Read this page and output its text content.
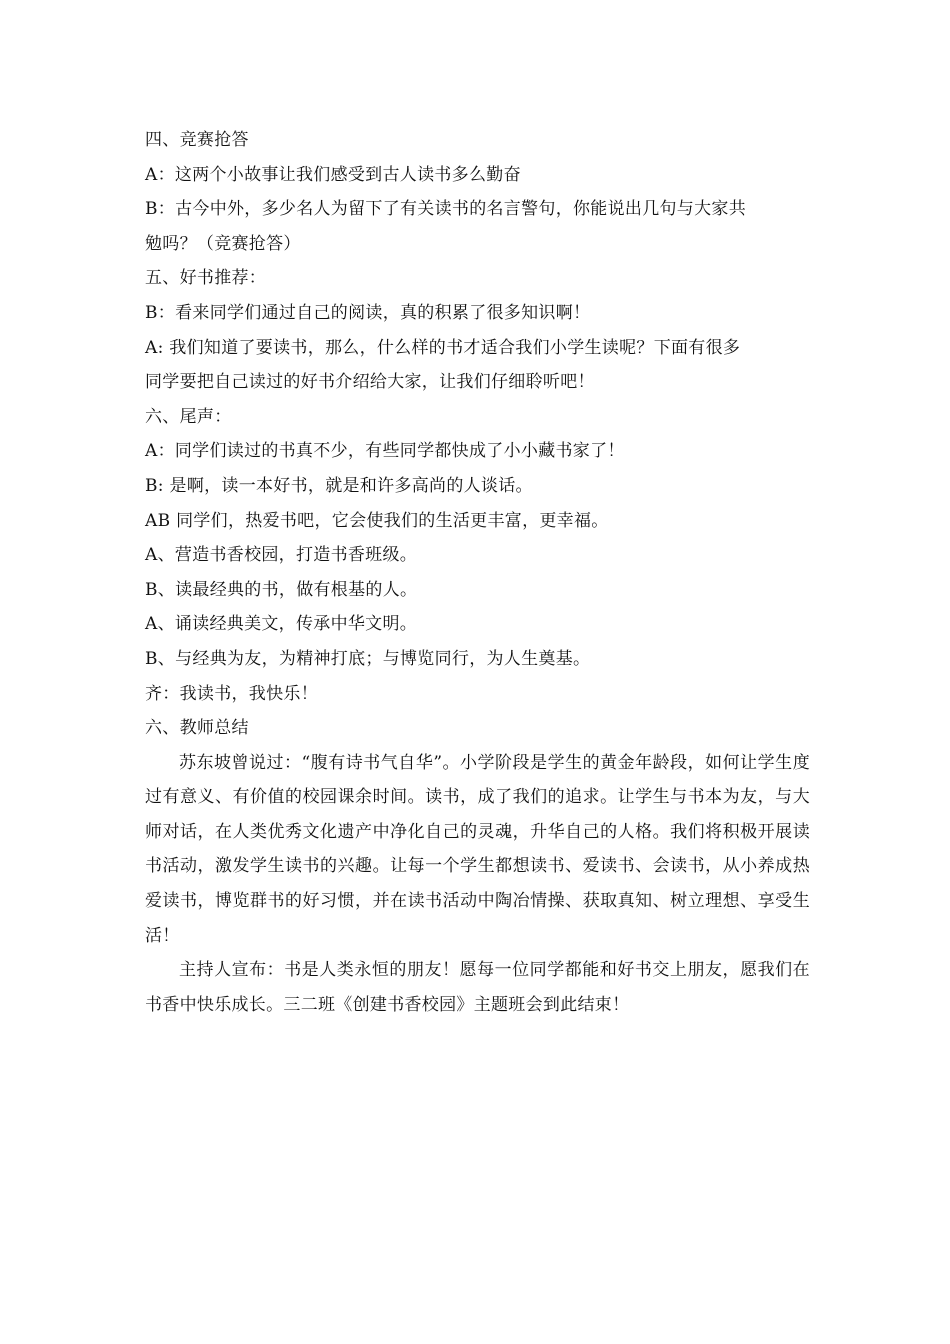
四、竞赛抢答
A：这两个小故事让我们感受到古人读书多么勤奋
B：古今中外，多少名人为留下了有关读书的名言警句，你能说出几句与大家共
勉吗？（竞赛抢答）
五、好书推荐：
B：看来同学们通过自己的阅读，真的积累了很多知识啊！
A: 我们知道了要读书，那么，什么样的书才适合我们小学生读呢？下面有很多
同学要把自己读过的好书介绍给大家，让我们仔细聆听吧！
六、尾声：
A：同学们读过的书真不少，有些同学都快成了小小藏书家了！
B: 是啊，读一本好书，就是和许多高尚的人谈话。
AB 同学们，热爱书吧，它会使我们的生活更丰富，更幸福。
A、营造书香校园，打造书香班级。
B、读最经典的书，做有根基的人。
A、诵读经典美文，传承中华文明。
B、与经典为友，为精神打底；与博览同行，为人生奠基。
齐：我读书，我快乐！
六、教师总结
苏东坡曾说过：“腹有诗书气自华”。小学阶段是学生的黄金年龄段，如何让学生度过有意义、有价值的校园课余时间。读书，成了我们的追求。让学生与书本为友，与大师对话，在人类优秀文化遗产中净化自己的灵魂，升华自己的人格。我们将积极开展读书活动，激发学生读书的兴趣。让每一个学生都想读书、爱读书、会读书，从小养成热爱读书，博览群书的好习惯，并在读书活动中陶冶情操、获取真知、树立理想、享受生活！
主持人宣布：书是人类永恒的朋友！愿每一位同学都能和好书交上朋友，愿我们在书香中快乐成长。三二班《创建书香校园》主题班会到此结束！
